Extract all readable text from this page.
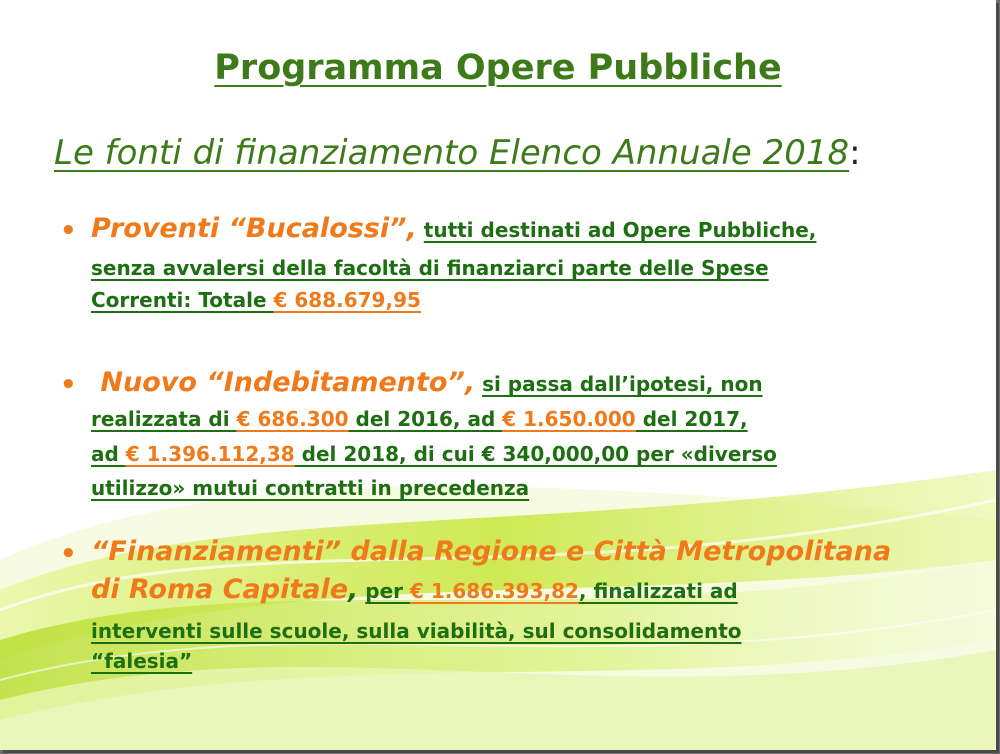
Programma Opere Pubbliche
Le fonti di finanziamento Elenco Annuale 2018:
• Proventi “Bucalossi”, tutti destinati ad Opere Pubbliche,
senza avvalersi della facoltà di finanziarci parte delle Spese
Correnti: Totale € 688.679,95
• Nuovo “Indebitamento”, si passa dall’ipotesi, non
realizzata di € 686.300 del 2016, ad € 1.650.000 del 2017,
ad € 1.396.112,38 del 2018, di cui € 340,000,00 per «diverso
utilizzo» mutui contratti in precedenza
• “Finanziamenti” dalla Regione e Città Metropolitana
di Roma Capitale, per € 1.686.393,82, finalizzati ad
interventi sulle scuole, sulla viabilità, sul consolidamento
“falesia”
